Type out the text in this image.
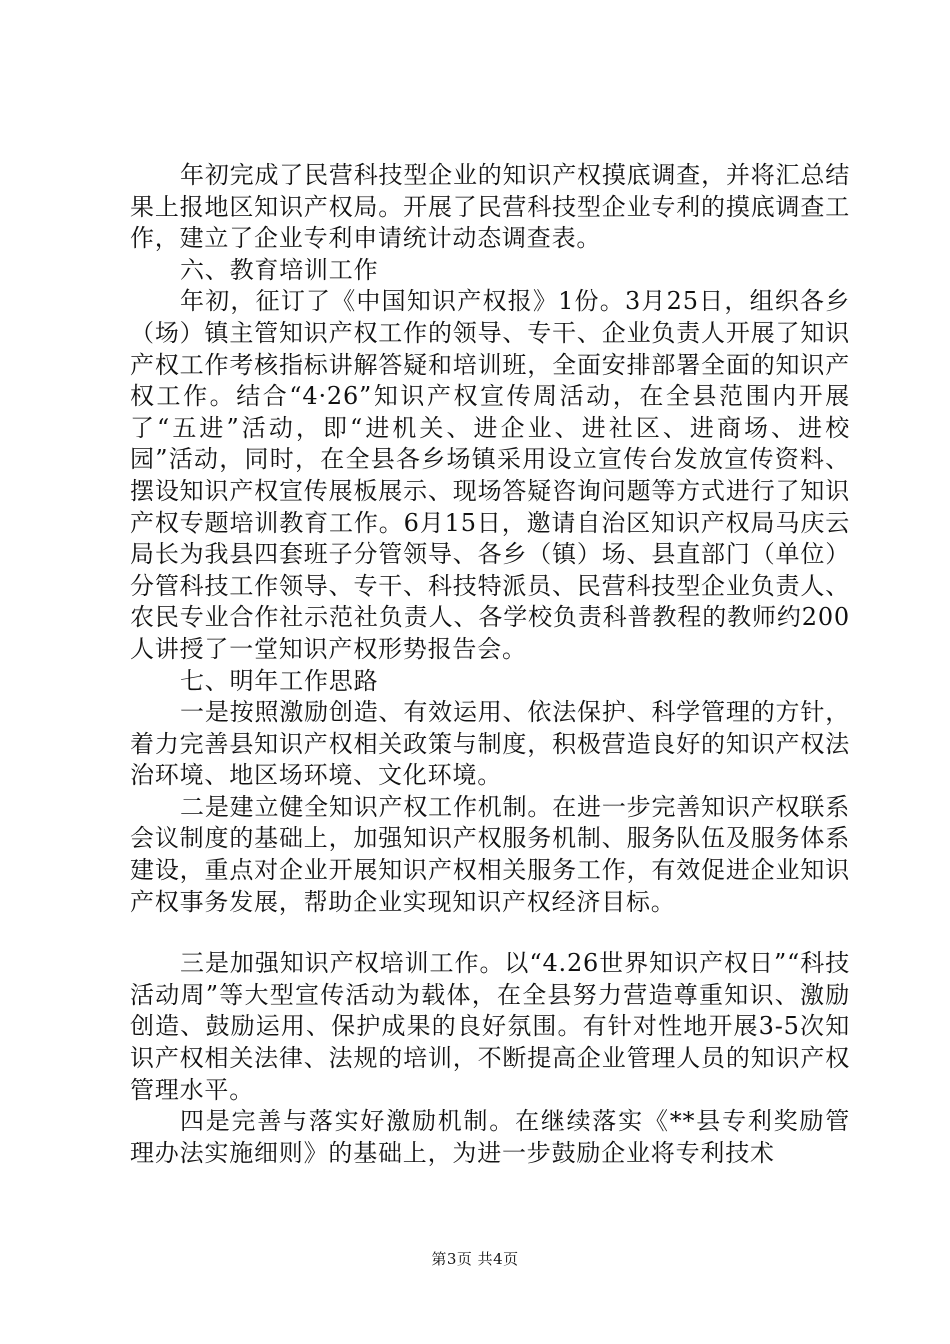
年初完成了民营科技型企业的知识产权摸底调查，并将汇总结果上报地区知识产权局。开展了民营科技型企业专利的摸底调查工作，建立了企业专利申请统计动态调查表。

六、教育培训工作

年初，征订了《中国知识产权报》1份。3月25日，组织各乡（场）镇主管知识产权工作的领导、专干、企业负责人开展了知识产权工作考核指标讲解答疑和培训班，全面安排部署全面的知识产权工作。结合“4·26”知识产权宣传周活动，在全县范围内开展了“五进”活动，即“进机关、进企业、进社区、进商场、进校园”活动，同时，在全县各乡场镇采用设立宣传台发放宣传资料、摆设知识产权宣传展板展示、现场答疑咨询问题等方式进行了知识产权专题培训教育工作。6月15日，邀请自治区知识产权局马庆云局长为我县四套班子分管领导、各乡（镇）场、县直部门（单位）分管科技工作领导、专干、科技特派员、民营科技型企业负责人、农民专业合作社示范社负责人、各学校负责科普教程的教师约200人讲授了一堂知识产权形势报告会。

七、明年工作思路

一是按照激励创造、有效运用、依法保护、科学管理的方针，着力完善县知识产权相关政策与制度，积极营造良好的知识产权法治环境、地区场环境、文化环境。

二是建立健全知识产权工作机制。在进一步完善知识产权联系会议制度的基础上，加强知识产权服务机制、服务队伍及服务体系建设，重点对企业开展知识产权相关服务工作，有效促进企业知识产权事务发展，帮助企业实现知识产权经济目标。

三是加强知识产权培训工作。以“4.26世界知识产权日”“科技活动周”等大型宣传活动为载体，在全县努力营造尊重知识、激励创造、鼓励运用、保护成果的良好氛围。有针对性地开展3-5次知识产权相关法律、法规的培训，不断提高企业管理人员的知识产权管理水平。

四是完善与落实好激励机制。在继续落实《**县专利奖励管理办法实施细则》的基础上，为进一步鼓励企业将专利技术

第3页 共4页
